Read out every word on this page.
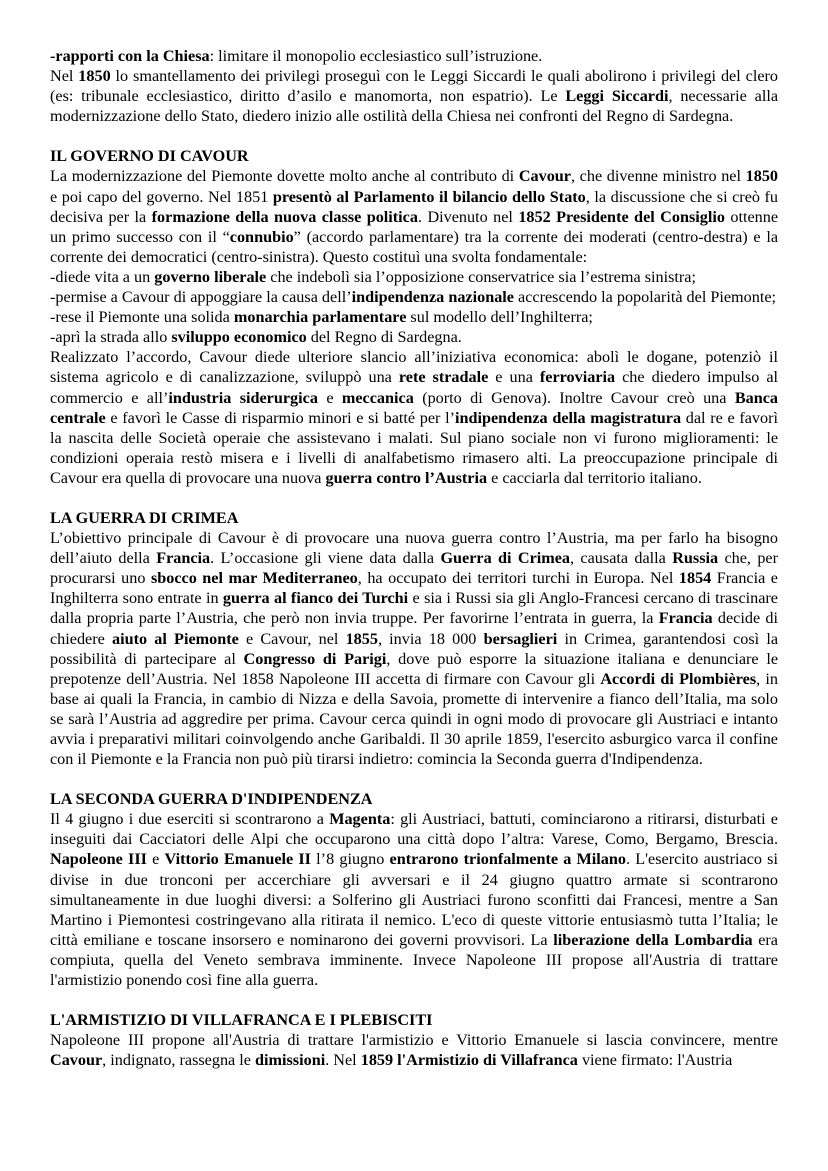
-rapporti con la Chiesa: limitare il monopolio ecclesiastico sull’istruzione.

Nel 1850 lo smantellamento dei privilegi proseguì con le Leggi Siccardi le quali abolirono i privilegi del clero (es: tribunale ecclesiastico, diritto d’asilo e manomorta, non espatrio). Le Leggi Siccardi, necessarie alla modernizzazione dello Stato, diedero inizio alle ostilità della Chiesa nei confronti del Regno di Sardegna.

IL GOVERNO DI CAVOUR

La modernizzazione del Piemonte dovette molto anche al contributo di Cavour, che divenne ministro nel 1850 e poi capo del governo. Nel 1851 presentò al Parlamento il bilancio dello Stato, la discussione che si creò fu decisiva per la formazione della nuova classe politica. Divenuto nel 1852 Presidente del Consiglio ottenne un primo successo con il “connubio” (accordo parlamentare) tra la corrente dei moderati (centro-destra) e la corrente dei democratici (centro-sinistra). Questo costituì una svolta fondamentale:

-diede vita a un governo liberale che indebolì sia l’opposizione conservatrice sia l’estrema sinistra;

-permise a Cavour di appoggiare la causa dell’indipendenza nazionale accrescendo la popolarità del Piemonte;

-rese il Piemonte una solida monarchia parlamentare sul modello dell’Inghilterra;

-aprì la strada allo sviluppo economico del Regno di Sardegna.

Realizzato l’accordo, Cavour diede ulteriore slancio all’iniziativa economica: abolì le dogane, potenziò il sistema agricolo e di canalizzazione, sviluppò una rete stradale e una ferroviaria che diedero impulso al commercio e all’industria siderurgica e meccanica (porto di Genova). Inoltre Cavour creò una Banca centrale e favorì le Casse di risparmio minori e si batté per l’indipendenza della magistratura dal re e favorì la nascita delle Società operaie che assistevano i malati. Sul piano sociale non vi furono miglioramenti: le condizioni operaia restò misera e i livelli di analfabetismo rimasero alti. La preoccupazione principale di Cavour era quella di provocare una nuova guerra contro l’Austria e cacciarla dal territorio italiano.

LA GUERRA DI CRIMEA

L’obiettivo principale di Cavour è di provocare una nuova guerra contro l’Austria, ma per farlo ha bisogno dell’aiuto della Francia. L’occasione gli viene data dalla Guerra di Crimea, causata dalla Russia che, per procurarsi uno sbocco nel mar Mediterraneo, ha occupato dei territori turchi in Europa. Nel 1854 Francia e Inghilterra sono entrate in guerra al fianco dei Turchi e sia i Russi sia gli Anglo-Francesi cercano di trascinare dalla propria parte l’Austria, che però non invia truppe. Per favorirne l’entrata in guerra, la Francia decide di chiedere aiuto al Piemonte e Cavour, nel 1855, invia 18 000 bersaglieri in Crimea, garantendosi così la possibilità di partecipare al Congresso di Parigi, dove può esporre la situazione italiana e denunciare le prepotenze dell’Austria. Nel 1858 Napoleone III accetta di firmare con Cavour gli Accordi di Plombières, in base ai quali la Francia, in cambio di Nizza e della Savoia, promette di intervenire a fianco dell’Italia, ma solo se sarà l’Austria ad aggredire per prima. Cavour cerca quindi in ogni modo di provocare gli Austriaci e intanto avvia i preparativi militari coinvolgendo anche Garibaldi. Il 30 aprile 1859, l'esercito asburgico varca il confine con il Piemonte e la Francia non può più tirarsi indietro: comincia la Seconda guerra d'Indipendenza.

LA SECONDA GUERRA D'INDIPENDENZA

Il 4 giugno i due eserciti si scontrarono a Magenta: gli Austriaci, battuti, cominciarono a ritirarsi, disturbati e inseguiti dai Cacciatori delle Alpi che occuparono una città dopo l’altra: Varese, Como, Bergamo, Brescia. Napoleone III e Vittorio Emanuele II l’8 giugno entrarono trionfalmente a Milano. L'esercito austriaco si divise in due tronconi per accerchiare gli avversari e il 24 giugno quattro armate si scontrarono simultaneamente in due luoghi diversi: a Solferino gli Austriaci furono sconfitti dai Francesi, mentre a San Martino i Piemontesi costringevano alla ritirata il nemico. L'eco di queste vittorie entusiasmò tutta l’Italia; le città emiliane e toscane insorsero e nominarono dei governi provvisori. La liberazione della Lombardia era compiuta, quella del Veneto sembrava imminente. Invece Napoleone III propose all'Austria di trattare l'armistizio ponendo così fine alla guerra.

L'ARMISTIZIO DI VILLAFRANCA E I PLEBISCITI

Napoleone III propone all'Austria di trattare l'armistizio e Vittorio Emanuele si lascia convincere, mentre Cavour, indignato, rassegna le dimissioni. Nel 1859 l'Armistizio di Villafranca viene firmato: l'Austria
